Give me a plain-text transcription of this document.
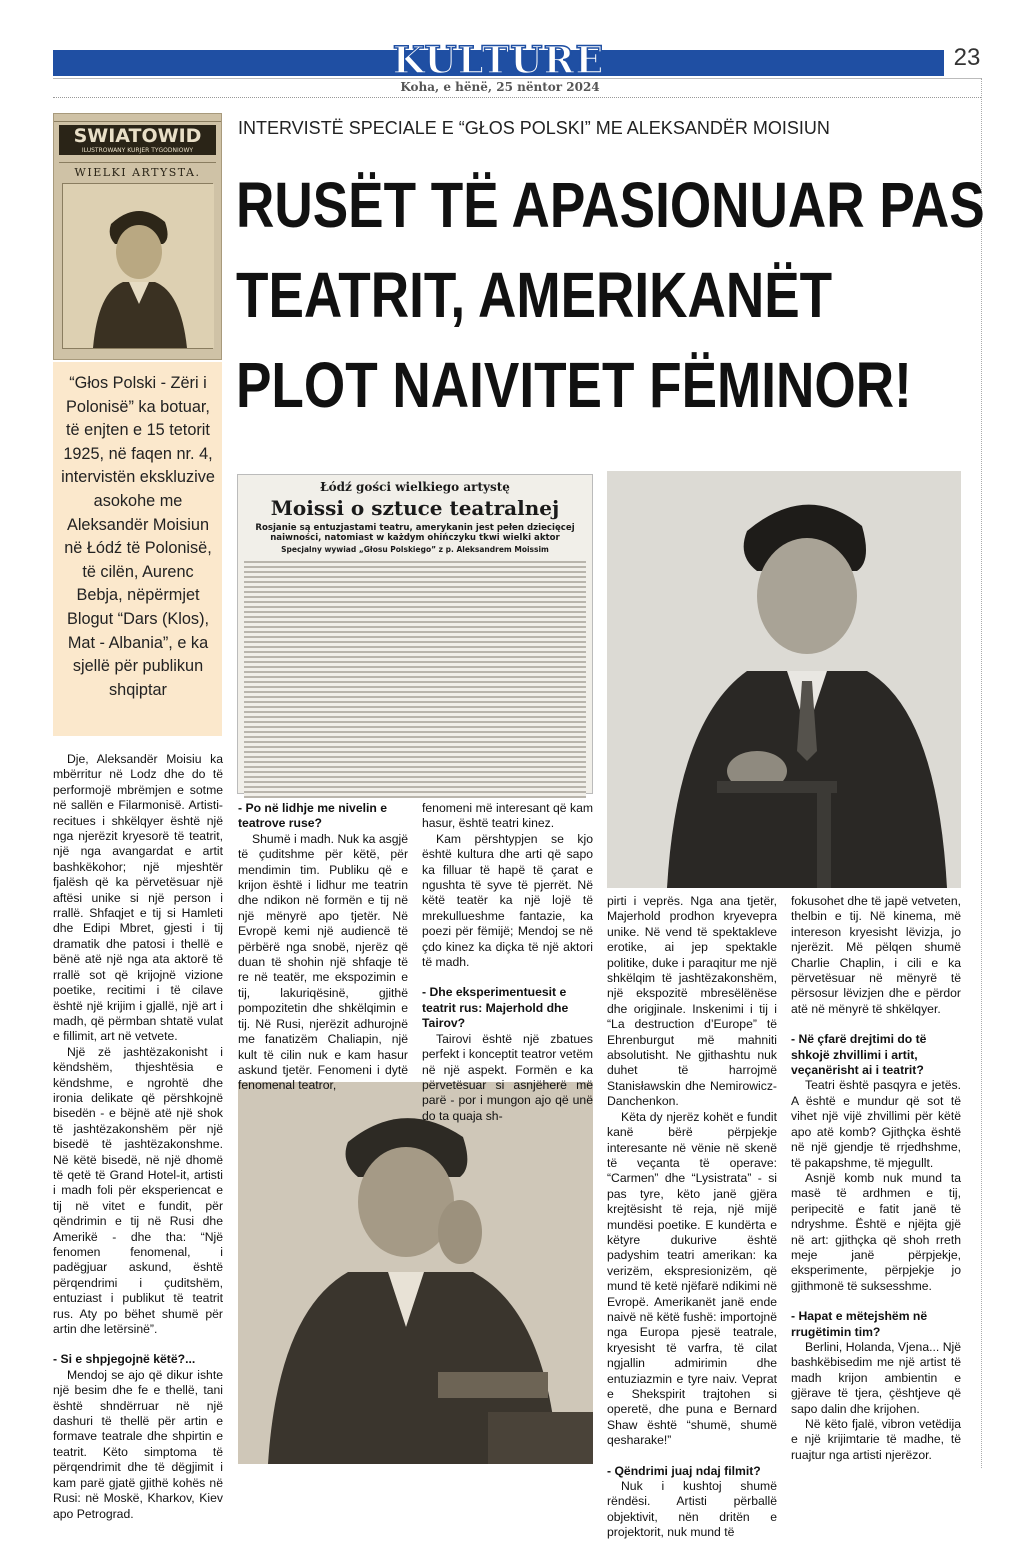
KULTURE	23
Koha, e hënë, 25 nëntor 2024
SWIATOWID
ILUSTROWANY KURJER TYGODNIOWY
WIELKI ARTYSTA.
“Głos Polski - Zëri i Polonisë” ka botuar, të enjten e 15 tetorit 1925, në faqen nr. 4, intervistën ekskluzive asokohe me Aleksandër Moisiun në Łódź të Polonisë, të cilën, Aurenc Bebja, nëpërmjet Blogut “Dars (Klos), Mat - Albania”, e ka sjellë për publikun shqiptar
INTERVISTË SPECIALE E “GŁOS POLSKI” ME ALEKSANDËR MOISIUN
RUSËT TË APASIONUAR PAS
TEATRIT, AMERIKANËT
PLOT NAIVITET FËMINOR!
Łódź gości wielkiego artystę
Moissi o sztuce teatralnej
Rosjanie są entuzjastami teatru, amerykanin jest pełen dziecięcej naiwności, natomiast w każdym ohińczyku tkwi wielki aktor
Specjalny wywiad „Głosu Polskiego” z p. Aleksandrem Moissim

Dje, Aleksandër Moisiu ka mbërritur në Lodz dhe do të performojë mbrëmjen e sotme në sallën e Filarmonisë. Artisti-recitues i shkëlqyer është një nga njerëzit kryesorë të teatrit, një nga avangardat e artit bashkëkohor; një mjeshtër fjalësh që ka përvetësuar një aftësi unike si një person i rrallë. Shfaqjet e tij si Hamleti dhe Edipi Mbret, gjesti i tij dramatik dhe patosi i thellë e bënë atë një nga ata aktorë të rrallë sot që krijojnë vizione poetike, recitimi i të cilave është një krijim i gjallë, një art i madh, që përmban shtatë vulat e fillimit, art në vetvete.

Një zë jashtëzakonisht i këndshëm, thjeshtësia e këndshme, e ngrohtë dhe ironia delikate që përshkojnë bisedën - e bëjnë atë një shok të jashtëzakonshëm për një bisedë të jashtëzakonshme. Në këtë bisedë, në një dhomë të qetë të Grand Hotel-it, artisti i madh foli për eksperiencat e tij në vitet e fundit, për qëndrimin e tij në Rusi dhe Amerikë - dhe tha: “Një fenomen fenomenal, i padëgjuar askund, është përqendrimi i çuditshëm, entuziast i publikut të teatrit rus. Aty po bëhet shumë për artin dhe letërsinë”.

- Si e shpjegojnë këtë?...

Mendoj se ajo që dikur ishte një besim dhe fe e thellë, tani është shndërruar në një dashuri të thellë për artin e formave teatrale dhe shpirtin e teatrit. Këto simptoma të përqendrimit dhe të dëgjimit i kam parë gjatë gjithë kohës në Rusi: në Moskë, Kharkov, Kiev apo Petrograd.

- Po në lidhje me nivelin e teatrove ruse?

Shumë i madh. Nuk ka asgjë të çuditshme për këtë, për mendimin tim. Publiku që e krijon është i lidhur me teatrin dhe ndikon në formën e tij në një mënyrë apo tjetër. Në Evropë kemi një audiencë të përbërë nga snobë, njerëz që duan të shohin një shfaqje të re në teatër, me ekspozimin e tij, lakuriqësinë, gjithë pompozitetin dhe shkëlqimin e tij. Në Rusi, njerëzit adhurojnë me fanatizëm Chaliapin, një kult të cilin nuk e kam hasur askund tjetër. Fenomeni i dytë fenomenal teatror,

fenomeni më interesant që kam hasur, është teatri kinez.

Kam përshtypjen se kjo është kultura dhe arti që sapo ka filluar të hapë të çarat e ngushta të syve të pjerrët. Në këtë teatër ka një lojë të mrekullueshme fantazie, ka poezi për fëmijë; Mendoj se në çdo kinez ka diçka të një aktori të madh.

- Dhe eksperimentuesit e teatrit rus: Majerhold dhe Tairov?

Tairovi është një zbatues perfekt i konceptit teatror vetëm në një aspekt. Formën e ka përvetësuar si asnjëherë më parë - por i mungon ajo që unë do ta quaja sh-

pirti i veprës. Nga ana tjetër, Majerhold prodhon kryevepra unike. Në vend të spektakleve erotike, ai jep spektakle politike, duke i paraqitur me një shkëlqim të jashtëzakonshëm, një ekspozitë mbresëlënëse dhe origjinale. Inskenimi i tij i “La destruction d’Europe” të Ehrenburgut më mahniti absolutisht. Ne gjithashtu nuk duhet të harrojmë Stanisławskin dhe Nemirowicz-Danchenkon.

Këta dy njerëz kohët e fundit kanë bërë përpjekje interesante në vënie në skenë të veçanta të operave: “Carmen” dhe “Lysistrata” - si pas tyre, këto janë gjëra krejtësisht të reja, një mijë mundësi poetike. E kundërta e këtyre dukurive është padyshim teatri amerikan: ka verizëm, ekspresionizëm, që mund të ketë njëfarë ndikimi në Evropë. Amerikanët janë ende naivë në këtë fushë: importojnë nga Europa pjesë teatrale, kryesisht të varfra, të cilat ngjallin admirimin dhe entuziazmin e tyre naiv. Veprat e Shekspirit trajtohen si operetë, dhe puna e Bernard Shaw është “shumë, shumë qesharake!”

- Qëndrimi juaj ndaj filmit?

Nuk i kushtoj shumë rëndësi. Artisti përballë objektivit, nën dritën e projektorit, nuk mund të

fokusohet dhe të japë vetveten, thelbin e tij. Në kinema, më intereson kryesisht lëvizja, jo njerëzit. Më pëlqen shumë Charlie Chaplin, i cili e ka përvetësuar në mënyrë të përsosur lëvizjen dhe e përdor atë në mënyrë të shkëlqyer.

- Në çfarë drejtimi do të shkojë zhvillimi i artit, veçanërisht ai i teatrit?

Teatri është pasqyra e jetës. A është e mundur që sot të vihet një vijë zhvillimi për këtë apo atë komb? Gjithçka është në një gjendje të rrjedhshme, të pakapshme, të mjegullt.

Asnjë komb nuk mund ta masë të ardhmen e tij, peripecitë e fatit janë të ndryshme. Është e njëjta gjë në art: gjithçka që shoh rreth meje janë përpjekje, eksperimente, përpjekje jo gjithmonë të suksesshme.

- Hapat e mëtejshëm në rrugëtimin tim?

Berlini, Holanda, Vjena... Një bashkëbisedim me një artist të madh krijon ambientin e gjërave të tjera, çështjeve që sapo dalin dhe krijohen.

Në këto fjalë, vibron vetëdija e një krijimtarie të madhe, të ruajtur nga artisti njerëzor.
